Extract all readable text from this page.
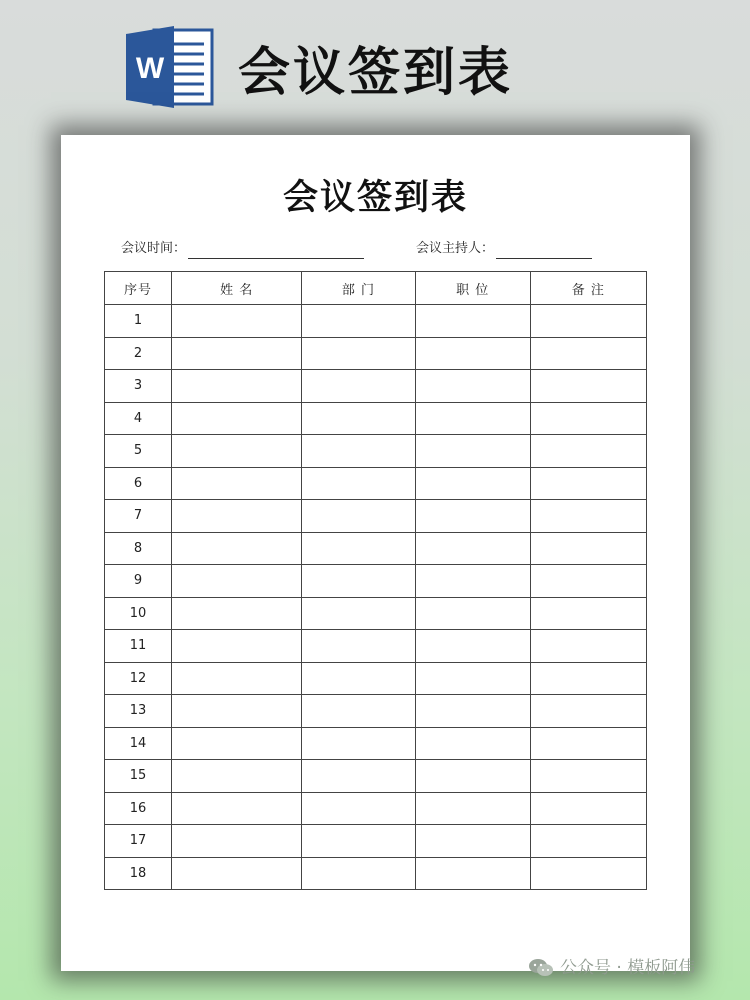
W 会议签到表
会议签到表
会议时间：	会议主持人：
序号	姓 名	部 门	职 位	备 注
1				
2				
3				
4				
5				
6				
7				
8				
9				
10				
11				
12				
13				
14				
15				
16				
17				
18				
公众号 · 模板阿伟
